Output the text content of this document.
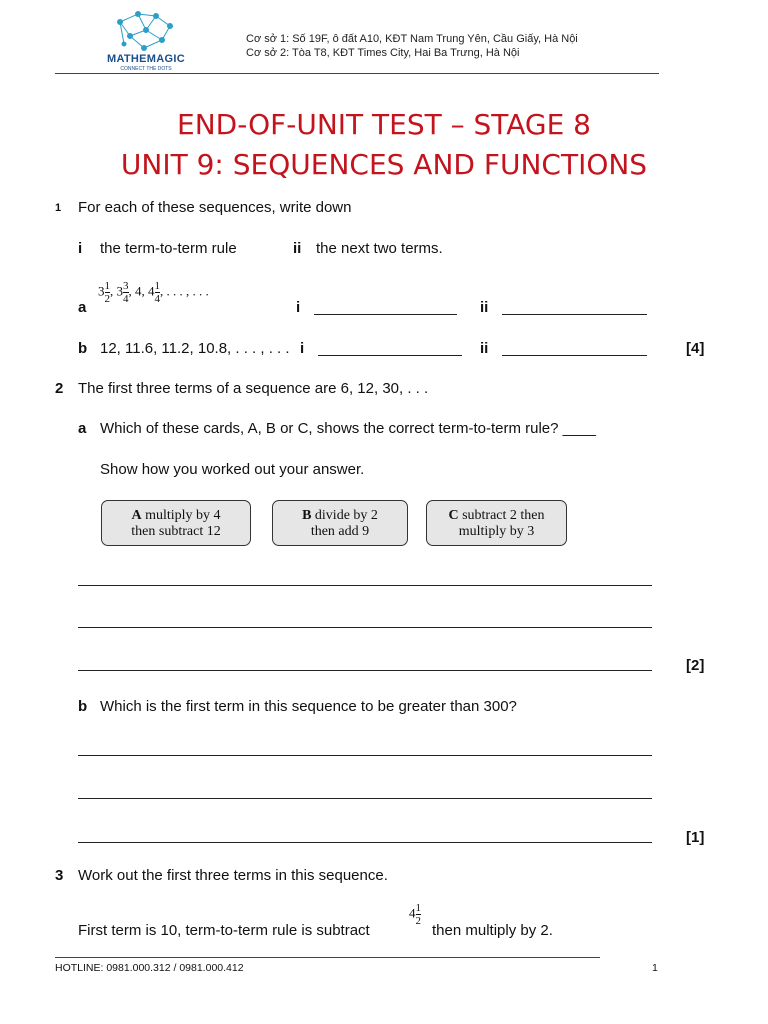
MATHEMAGIC
CONNECT THE DOTS
Cơ sở 1: Số 19F, ô đất A10, KĐT Nam Trung Yên, Cầu Giấy, Hà Nội
Cơ sở 2: Tòa T8, KĐT Times City, Hai Ba Trưng, Hà Nội
END-OF-UNIT TEST – STAGE 8
UNIT 9: SEQUENCES AND FUNCTIONS
1 For each of these sequences, write down
i the term-to-term rule	ii the next two terms.
a
$3 \frac{1}{2}$ , $3 \frac{3}{4}$ , 4, $4 \frac{1}{4}$ , . . . , . . .
i	ii
b 12, 11.6, 11.2, 10.8, . . . , . . . i	ii	[4]
2 The first three terms of a sequence are 6, 12, 30, . . .
a Which of these cards, A, B or C, shows the correct term-to-term rule? ____
Show how you worked out your answer.
A multiply by 4
then subtract 12
B divide by 2
then add 9
C subtract 2 then
multiply by 3
[2]
b Which is the first term in this sequence to be greater than 300?
[1]
3 Work out the first three terms in this sequence.
First term is 10, term-to-term rule is subtract
$4 \frac{1}{2}$
then multiply by 2.
HOTLINE: 0981.000.312 / 0981.000.412	1
